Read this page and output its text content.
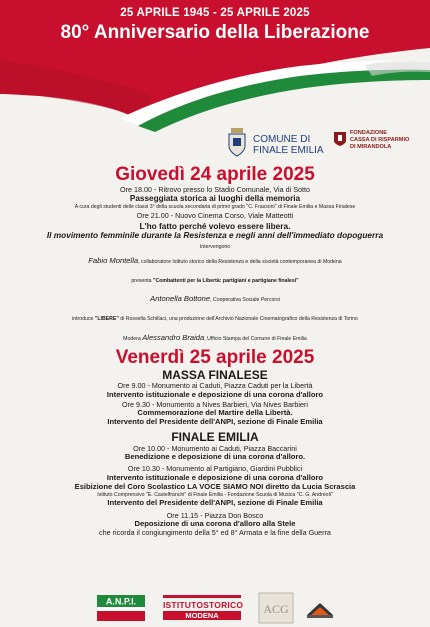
25 APRILE 1945 - 25 APRILE 2025
80° Anniversario della Liberazione
COMUNE DI
FINALE EMILIA
FONDAZIONE
CASSA DI RISPARMIO
DI MIRANDOLA
Giovedì 24 aprile 2025
Ore 18.00 - Ritrovo presso lo Stadio Comunale, Via di Sotto
Passeggiata storica ai luoghi della memoria
A cura degli studenti delle classi 3° della scuola secondaria di primo grado "C. Frassoni" di Finale Emilia e Massa Finalese
Ore 21.00 - Nuovo Cinema Corso, Viale Matteotti
L'ho fatto perché volevo essere libera.
Il movimento femminile durante la Resistenza e negli anni dell'immediato dopoguerra
Intervengono
Fabio Montella, collaboratore Istituto storico della Resistenza e della società contemporanea di Modena
presenta "Combattenti per la Libertà: partigiani e partigiane finalesi"
Antonella Bottone, Cooperativa Sociale Percorsi
introduce "LIBERE" di Rossella Schillaci, una produzione dell'Archivio Nazionale Cinematografico della Resistenza di Torino
Modera Alessandro Braida, Ufficio Stampa del Comune di Finale Emilia
Venerdì 25 aprile 2025
MASSA FINALESE
Ore 9.00 - Monumento ai Caduti, Piazza Caduti per la Libertà
Intervento istituzionale e deposizione di una corona d'alloro
Ore 9.30 - Monumento a Nives Barbieri, Via Nives Barbieri
Commemorazione del Martire della Libertà.
Intervento del Presidente dell'ANPI, sezione di Finale Emilia
FINALE EMILIA
Ore 10.00 - Monumento ai Caduti, Piazza Baccarini
Benedizione e deposizione di una corona d'alloro.
Ore 10.30 - Monumento al Partigiano, Giardini Pubblici
Intervento istituzionale e deposizione di una corona d'alloro
Esibizione del Coro Scolastico LA VOCE SIAMO NOI diretto da Lucia Scrascia
Istituto Comprensivo "E. Castelfranchi" di Finale Emilia - Fondazione Scuola di Musica "C. G. Andreoli"
Intervento del Presidente dell'ANPI, sezione di Finale Emilia
Ore 11.15 - Piazza Don Bosco
Deposizione di una corona d'alloro alla Stele
che ricorda il congiungimento della 5° ed 8° Armata e la fine della Guerra
A.N.P.I.	ISTITUTOSTORICO
MODENA	ACG
